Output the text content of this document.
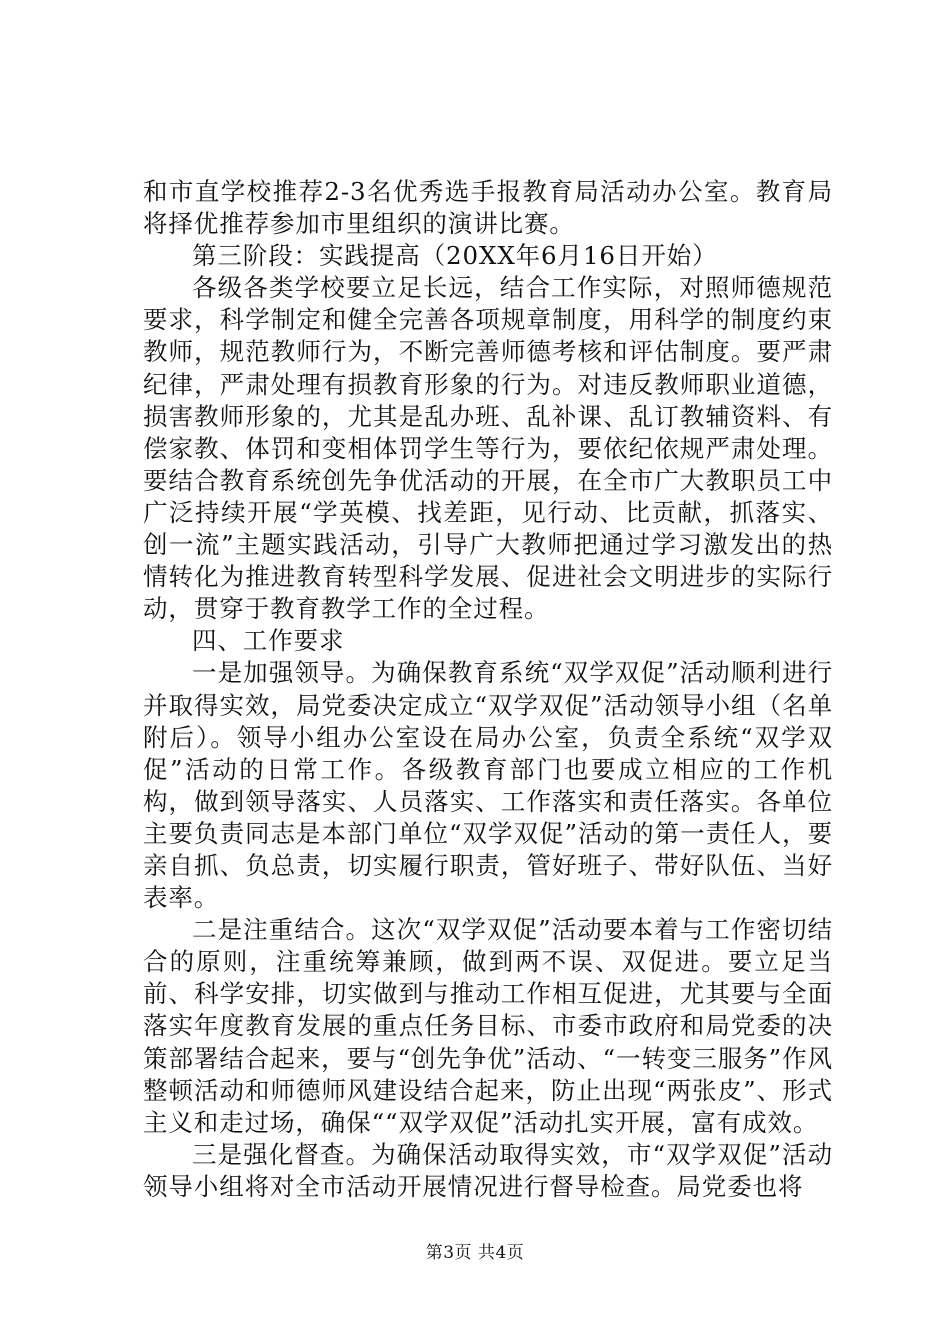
和市直学校推荐2-3名优秀选手报教育局活动办公室。教育局将择优推荐参加市里组织的演讲比赛。

第三阶段：实践提高（20XX年6月16日开始）

各级各类学校要立足长远，结合工作实际，对照师德规范要求，科学制定和健全完善各项规章制度，用科学的制度约束教师，规范教师行为，不断完善师德考核和评估制度。要严肃纪律，严肃处理有损教育形象的行为。对违反教师职业道德，损害教师形象的，尤其是乱办班、乱补课、乱订教辅资料、有偿家教、体罚和变相体罚学生等行为，要依纪依规严肃处理。要结合教育系统创先争优活动的开展，在全市广大教职员工中广泛持续开展“学英模、找差距，见行动、比贡献，抓落实、创一流”主题实践活动，引导广大教师把通过学习激发出的热情转化为推进教育转型科学发展、促进社会文明进步的实际行动，贯穿于教育教学工作的全过程。

四、工作要求

一是加强领导。为确保教育系统“双学双促”活动顺利进行并取得实效，局党委决定成立“双学双促”活动领导小组（名单附后）。领导小组办公室设在局办公室，负责全系统“双学双促”活动的日常工作。各级教育部门也要成立相应的工作机构，做到领导落实、人员落实、工作落实和责任落实。各单位主要负责同志是本部门单位“双学双促”活动的第一责任人，要亲自抓、负总责，切实履行职责，管好班子、带好队伍、当好表率。

二是注重结合。这次“双学双促”活动要本着与工作密切结合的原则，注重统筹兼顾，做到两不误、双促进。要立足当前、科学安排，切实做到与推动工作相互促进，尤其要与全面落实年度教育发展的重点任务目标、市委市政府和局党委的决策部署结合起来，要与“创先争优”活动、“一转变三服务”作风整顿活动和师德师风建设结合起来，防止出现“两张皮”、形式主义和走过场，确保““双学双促”活动扎实开展，富有成效。

三是强化督查。为确保活动取得实效，市“双学双促”活动领导小组将对全市活动开展情况进行督导检查。局党委也将

第3页 共4页
